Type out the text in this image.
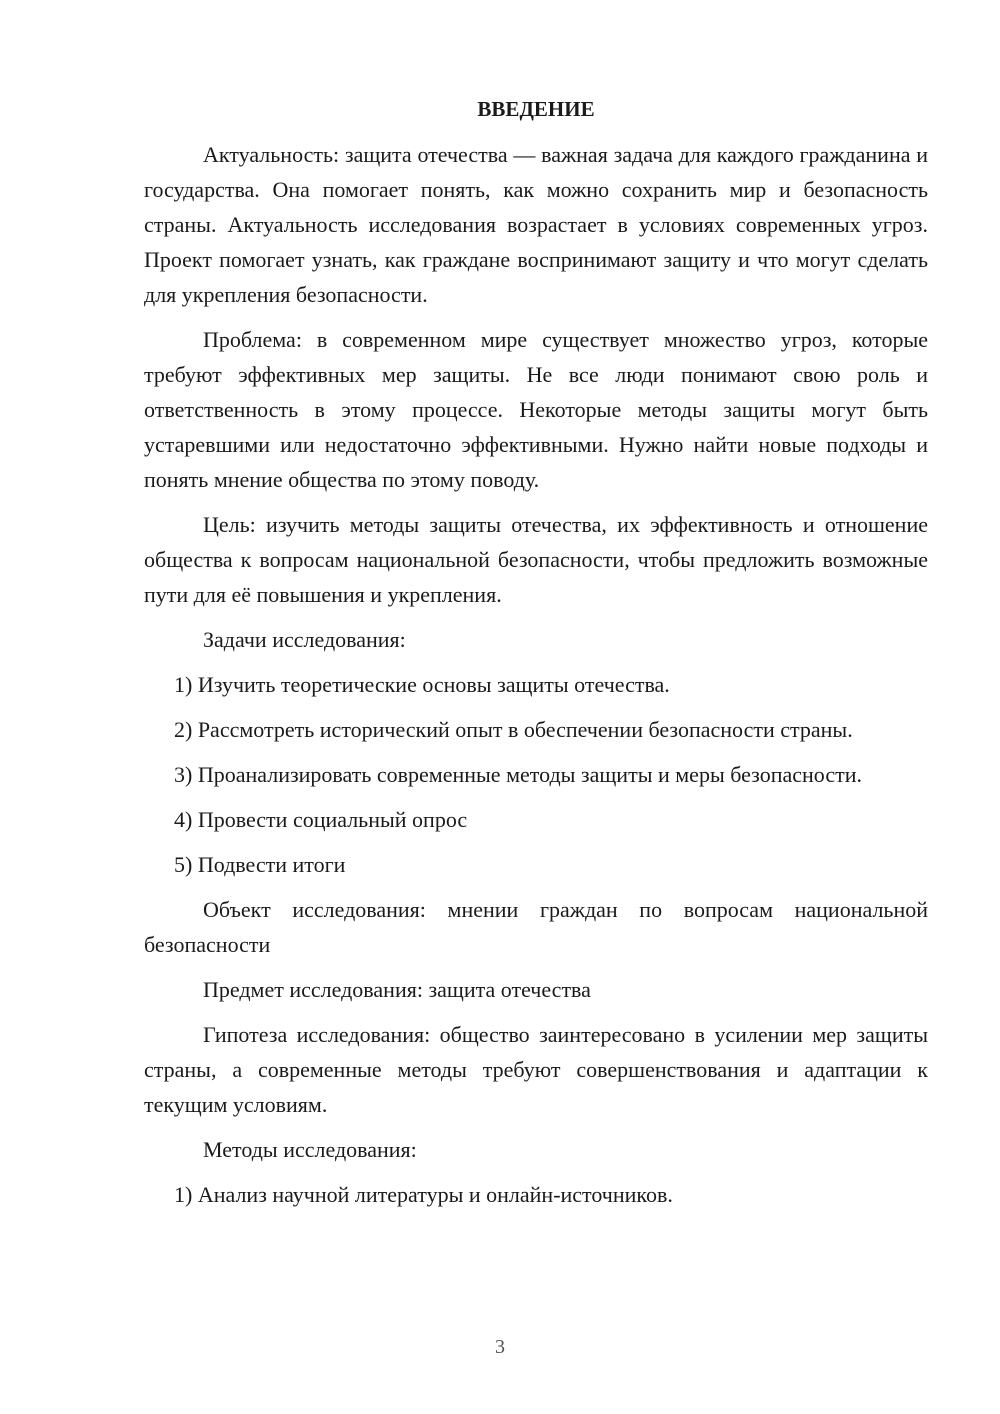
ВВЕДЕНИЕ

Актуальность: защита отечества — важная задача для каждого гражданина и государства. Она помогает понять, как можно сохранить мир и безопасность страны. Актуальность исследования возрастает в условиях современных угроз. Проект помогает узнать, как граждане воспринимают защиту и что могут сделать для укрепления безопасности.

Проблема: в современном мире существует множество угроз, которые требуют эффективных мер защиты. Не все люди понимают свою роль и ответственность в этому процессе. Некоторые методы защиты могут быть устаревшими или недостаточно эффективными. Нужно найти новые подходы и понять мнение общества по этому поводу.

Цель: изучить методы защиты отечества, их эффективность и отношение общества к вопросам национальной безопасности, чтобы предложить возможные пути для её повышения и укрепления.

Задачи исследования:

1) Изучить теоретические основы защиты отечества.

2) Рассмотреть исторический опыт в обеспечении безопасности страны.

3) Проанализировать современные методы защиты и меры безопасности.

4) Провести социальный опрос

5) Подвести итоги

Объект исследования: мнении граждан по вопросам национальной безопасности

Предмет исследования: защита отечества

Гипотеза исследования: общество заинтересовано в усилении мер защиты страны, а современные методы требуют совершенствования и адаптации к текущим условиям.

Методы исследования:

1) Анализ научной литературы и онлайн-источников.

3
